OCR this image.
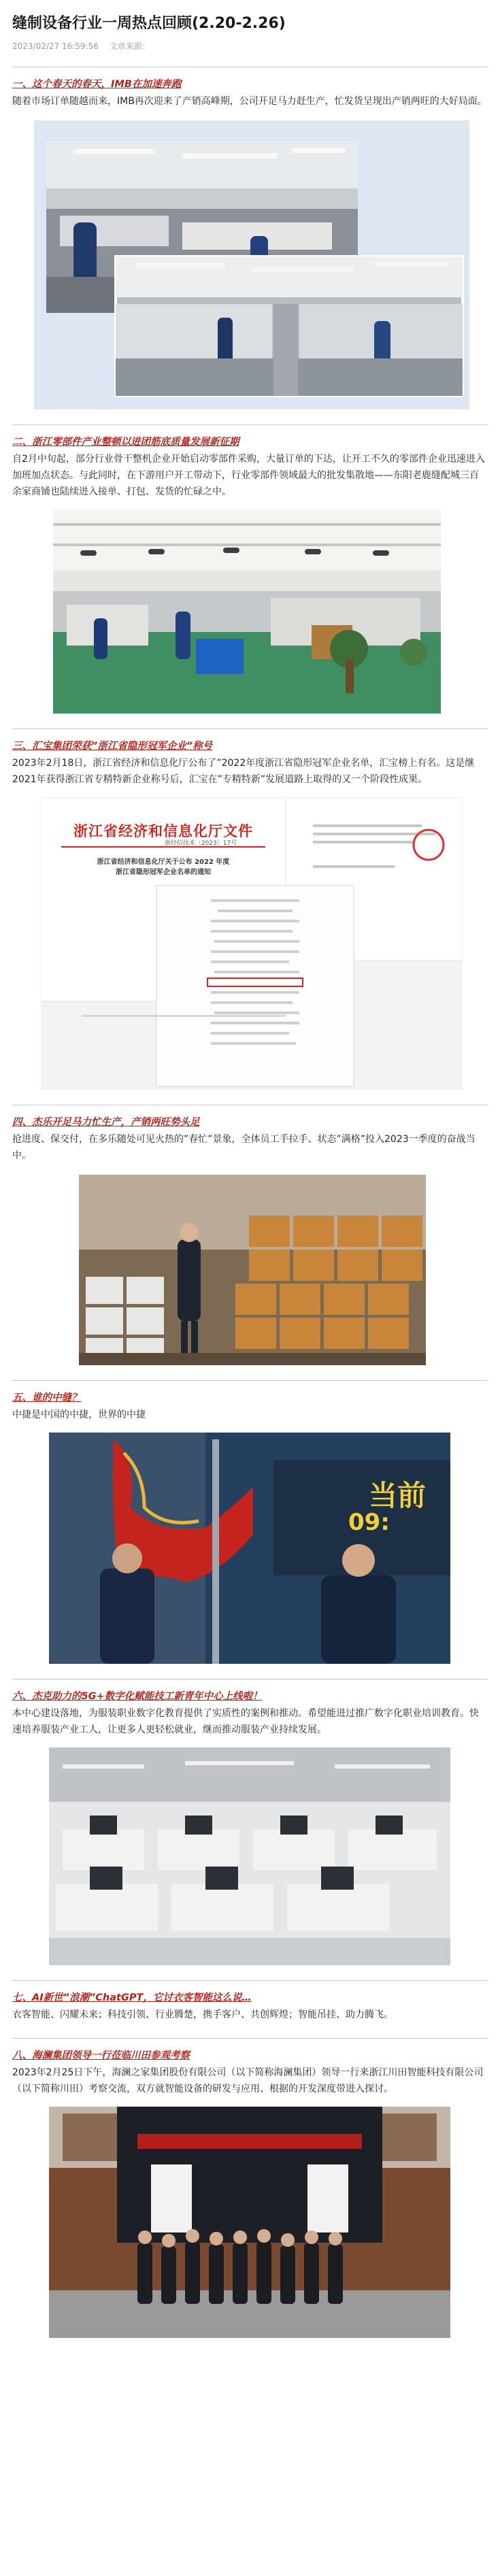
缝制设备行业一周热点回顾(2.20-2.26)
2023/02/27 16:59:56 文章来源：
一、这个春天的春天，IMB在加速奔跑

随着市场订单随越而来，IMB再次迎来了产销高峰期，公司开足马力赶生产，忙发货呈现出产销两旺的大好局面。

二、浙江零部件产业整顿以进团筋底质量发展新征期

自2月中旬起，部分行业骨干整机企业开始启动零部件采购，大量订单的下达，让开工不久的零部件企业迅速进入加班加点状态。与此同时，在下游用户开工带动下，行业零部件领域最大的批发集散地——东阳老鹿缝配城三百余家商铺也陆续进入接单、打包、发货的忙碌之中。

三、汇宝集团荣获”浙江省隐形冠军企业”称号

2023年2月18日，浙江省经济和信息化厅公布了”2022年度浙江省隐形冠军企业名单，汇宝榜上有名。这是继2021年获得浙江省专精特新企业称号后，汇宝在”专精特新”发展道路上取得的又一个阶段性成果。

浙江省经济和信息化厅文件
浙经信技术〔2023〕17号
浙江省经济和信息化厅关于公布 2022 年度
浙江省隐形冠军企业名单的通知
四、杰乐开足马力忙生产，产销两旺势头足

抢进度、保交付，在多乐随处可见火热的”春忙”景象，全体员工手拉手、状态”满格”投入2023一季度的奋战当中。

五、谁的中缝？

中捷是中国的中捷，世界的中捷

当前
09:
六、杰克助力的5G+数字化赋能技工新青年中心上线啦！

本中心建设落地，为服装职业数字化教育提供了实质性的案例和推动。希望能进过推广数字化职业培训教育。快速培养服装产业工人，让更多人更轻松就业，继而推动服装产业持续发展。

七、AI新世”浪潮”ChatGPT，它讨衣客智能这么说…

衣客智能、闪耀未来；科技引领、行业腾楚，携手客户、共创辉煌；智能吊挂、助力腾飞。

八、海澜集团领导一行莅临川田参观考察

2023年2月25日下午，海澜之家集团股份有限公司（以下简称海澜集团）领导一行来浙江川田智能科技有限公司（以下简称川田）考察交流，双方就智能设备的研发与应用、根据的开发深度带进入探讨。
